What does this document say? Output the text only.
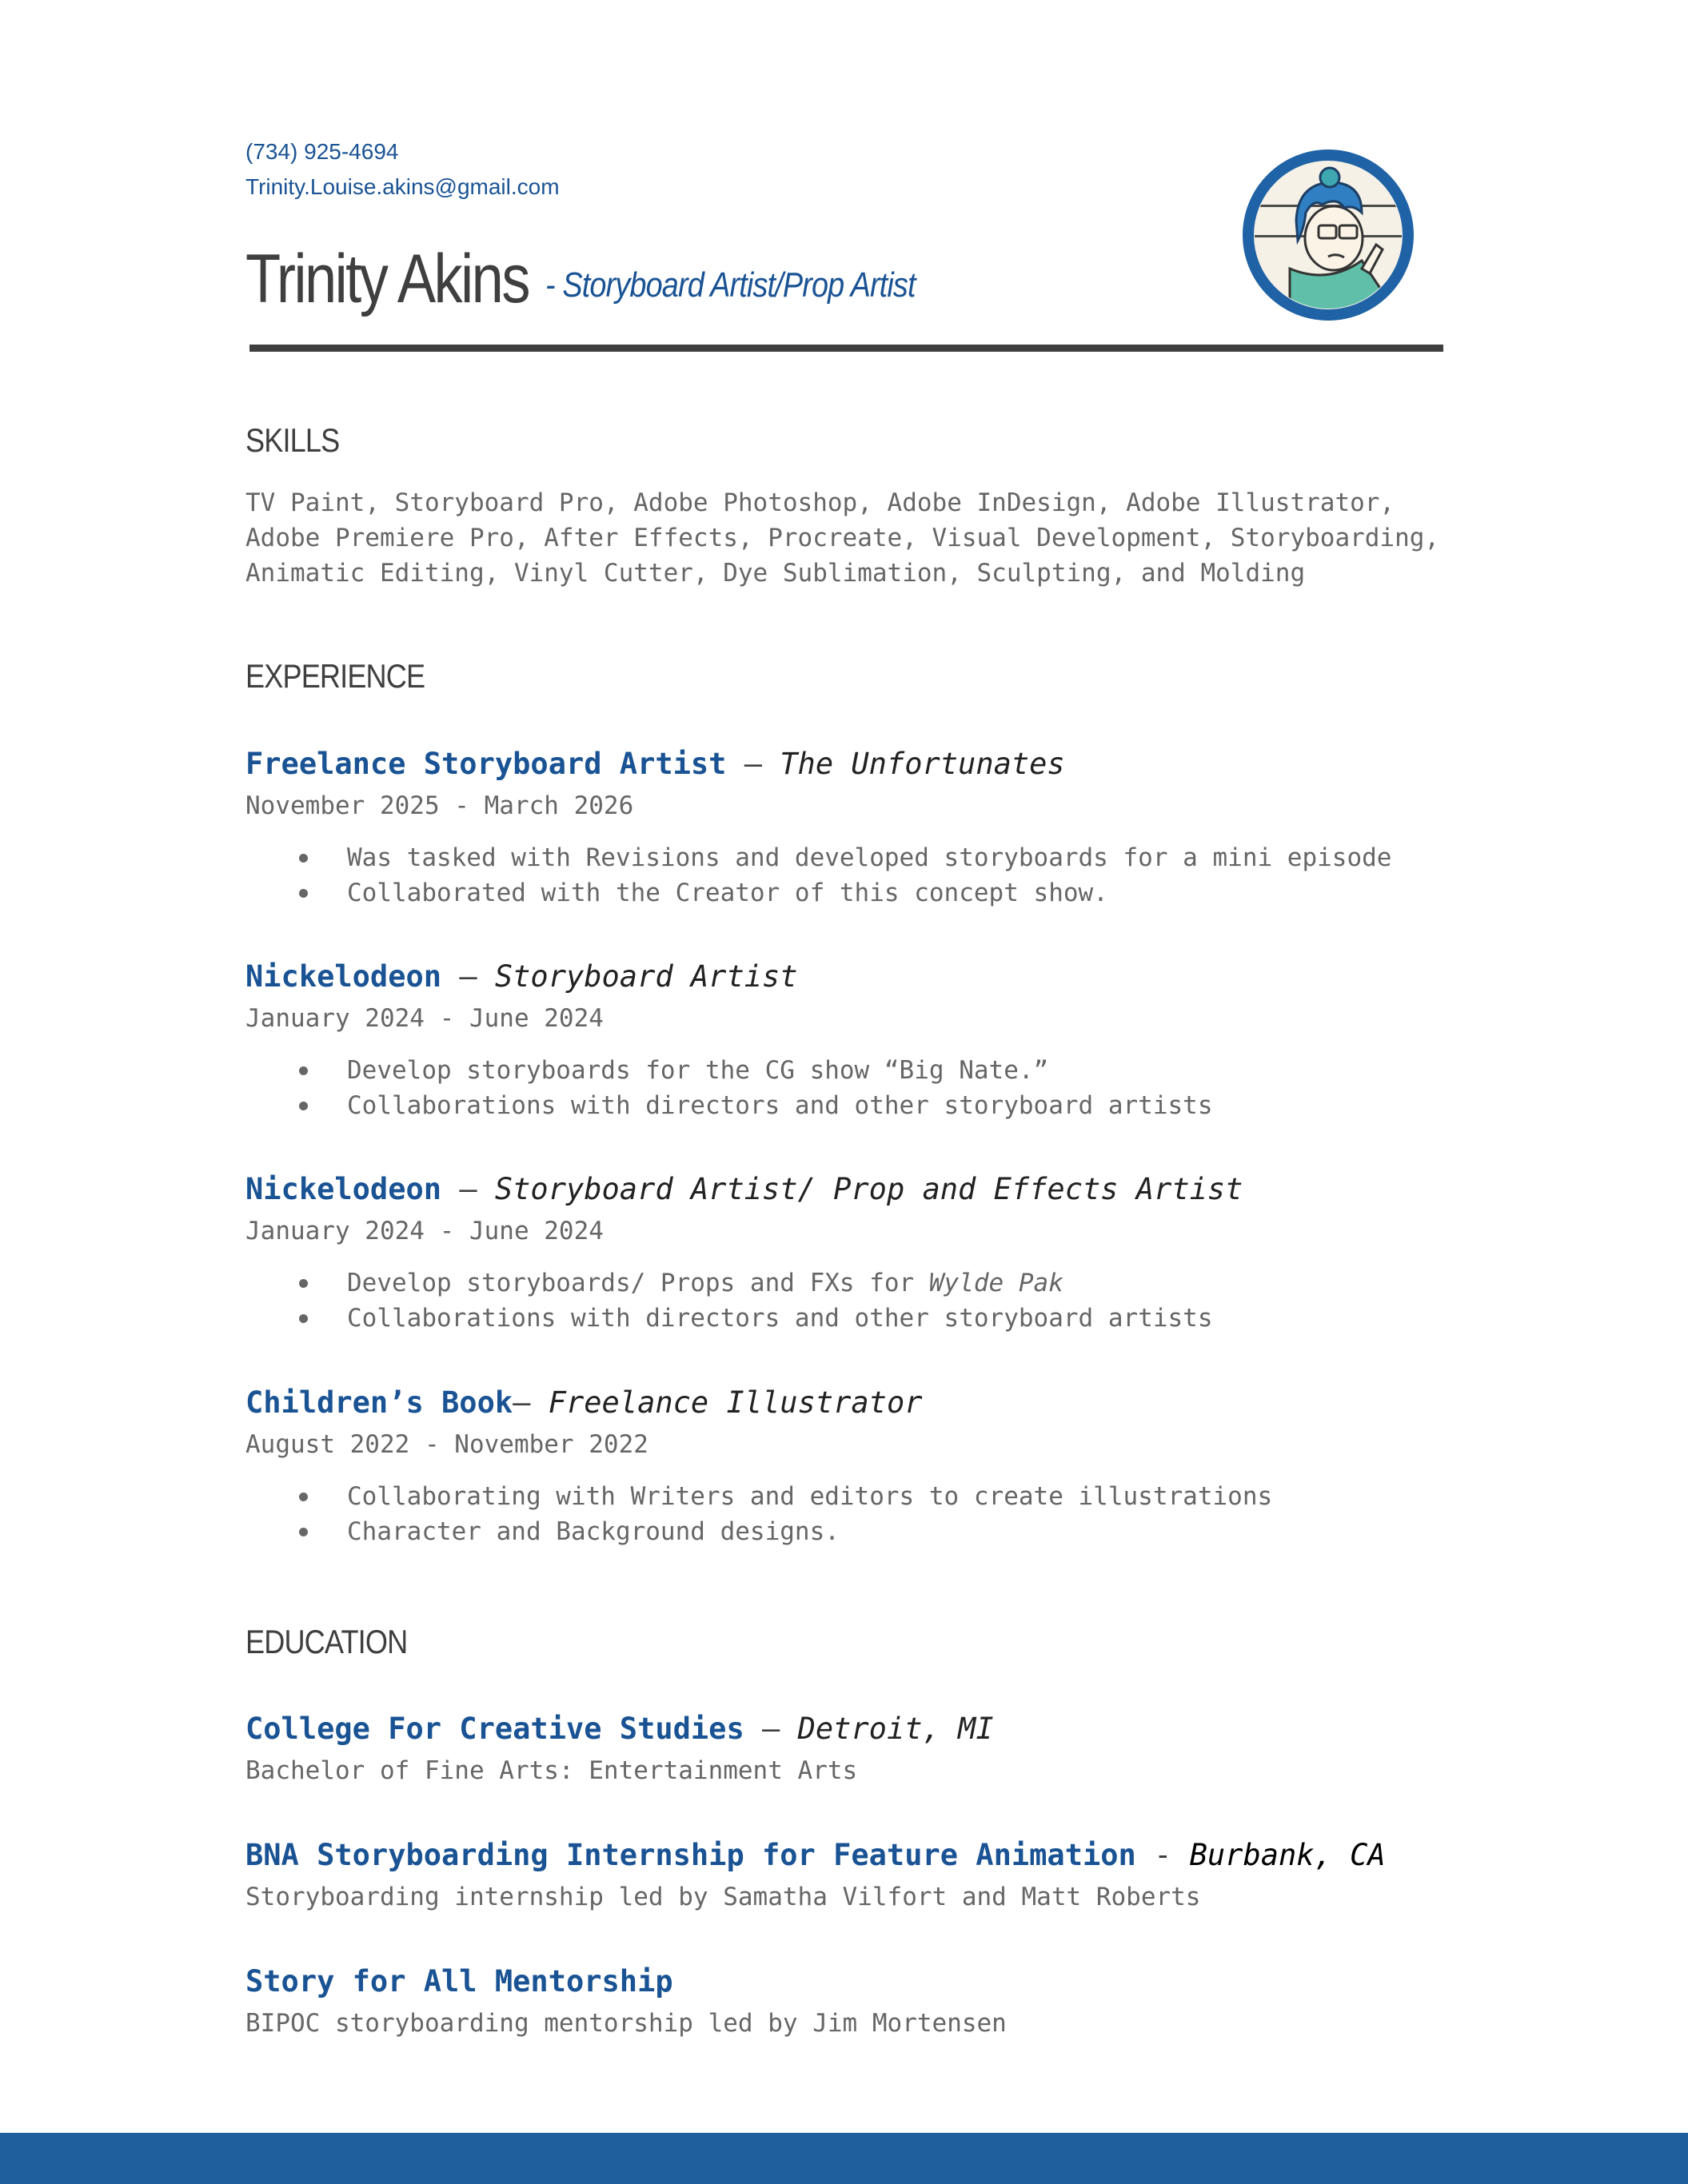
(734) 925-4694
Trinity.Louise.akins@gmail.com
Trinity Akins - Storyboard Artist/Prop Artist
SKILLS
TV Paint, Storyboard Pro, Adobe Photoshop, Adobe InDesign, Adobe Illustrator,
Adobe Premiere Pro, After Effects, Procreate, Visual Development, Storyboarding,
Animatic Editing, Vinyl Cutter, Dye Sublimation, Sculpting, and Molding
EXPERIENCE
Freelance Storyboard Artist — The Unfortunates
November 2025 - March 2026
Was tasked with Revisions and developed storyboards for a mini episode
Collaborated with the Creator of this concept show.
Nickelodeon — Storyboard Artist
January 2024 - June 2024
Develop storyboards for the CG show “Big Nate.”
Collaborations with directors and other storyboard artists
Nickelodeon — Storyboard Artist/ Prop and Effects Artist
January 2024 - June 2024
Develop storyboards/ Props and FXs for Wylde Pak
Collaborations with directors and other storyboard artists
Children’s Book— Freelance Illustrator
August 2022 - November 2022
Collaborating with Writers and editors to create illustrations
Character and Background designs.
EDUCATION
College For Creative Studies — Detroit, MI
Bachelor of Fine Arts: Entertainment Arts
BNA Storyboarding Internship for Feature Animation - Burbank, CA
Storyboarding internship led by Samatha Vilfort and Matt Roberts
Story for All Mentorship
BIPOC storyboarding mentorship led by Jim Mortensen
